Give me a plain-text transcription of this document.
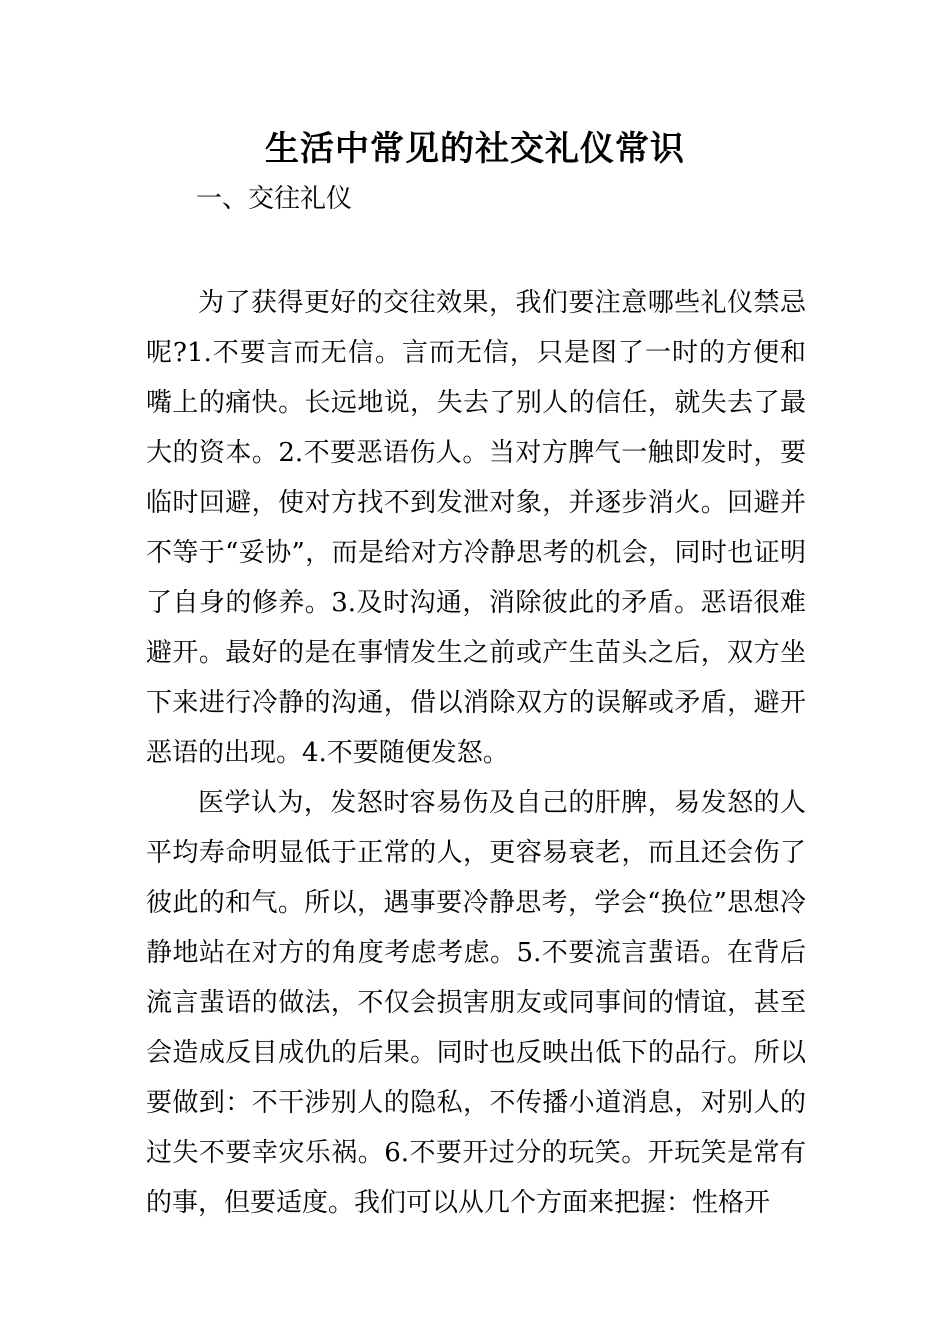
生活中常见的社交礼仪常识
一、交往礼仪

为了获得更好的交往效果，我们要注意哪些礼仪禁忌呢?1.不要言而无信。言而无信，只是图了一时的方便和嘴上的痛快。长远地说，失去了别人的信任，就失去了最大的资本。2.不要恶语伤人。当对方脾气一触即发时，要临时回避，使对方找不到发泄对象，并逐步消火。回避并不等于“妥协”，而是给对方冷静思考的机会，同时也证明了自身的修养。3.及时沟通，消除彼此的矛盾。恶语很难避开。最好的是在事情发生之前或产生苗头之后，双方坐下来进行冷静的沟通，借以消除双方的误解或矛盾，避开恶语的出现。4.不要随便发怒。

医学认为，发怒时容易伤及自己的肝脾，易发怒的人平均寿命明显低于正常的人，更容易衰老，而且还会伤了彼此的和气。所以，遇事要冷静思考，学会“换位”思想冷静地站在对方的角度考虑考虑。5.不要流言蜚语。在背后流言蜚语的做法，不仅会损害朋友或同事间的情谊，甚至会造成反目成仇的后果。同时也反映出低下的品行。所以要做到：不干涉别人的隐私，不传播小道消息，对别人的过失不要幸灾乐祸。6.不要开过分的玩笑。开玩笑是常有的事，但要适度。我们可以从几个方面来把握：性格开
